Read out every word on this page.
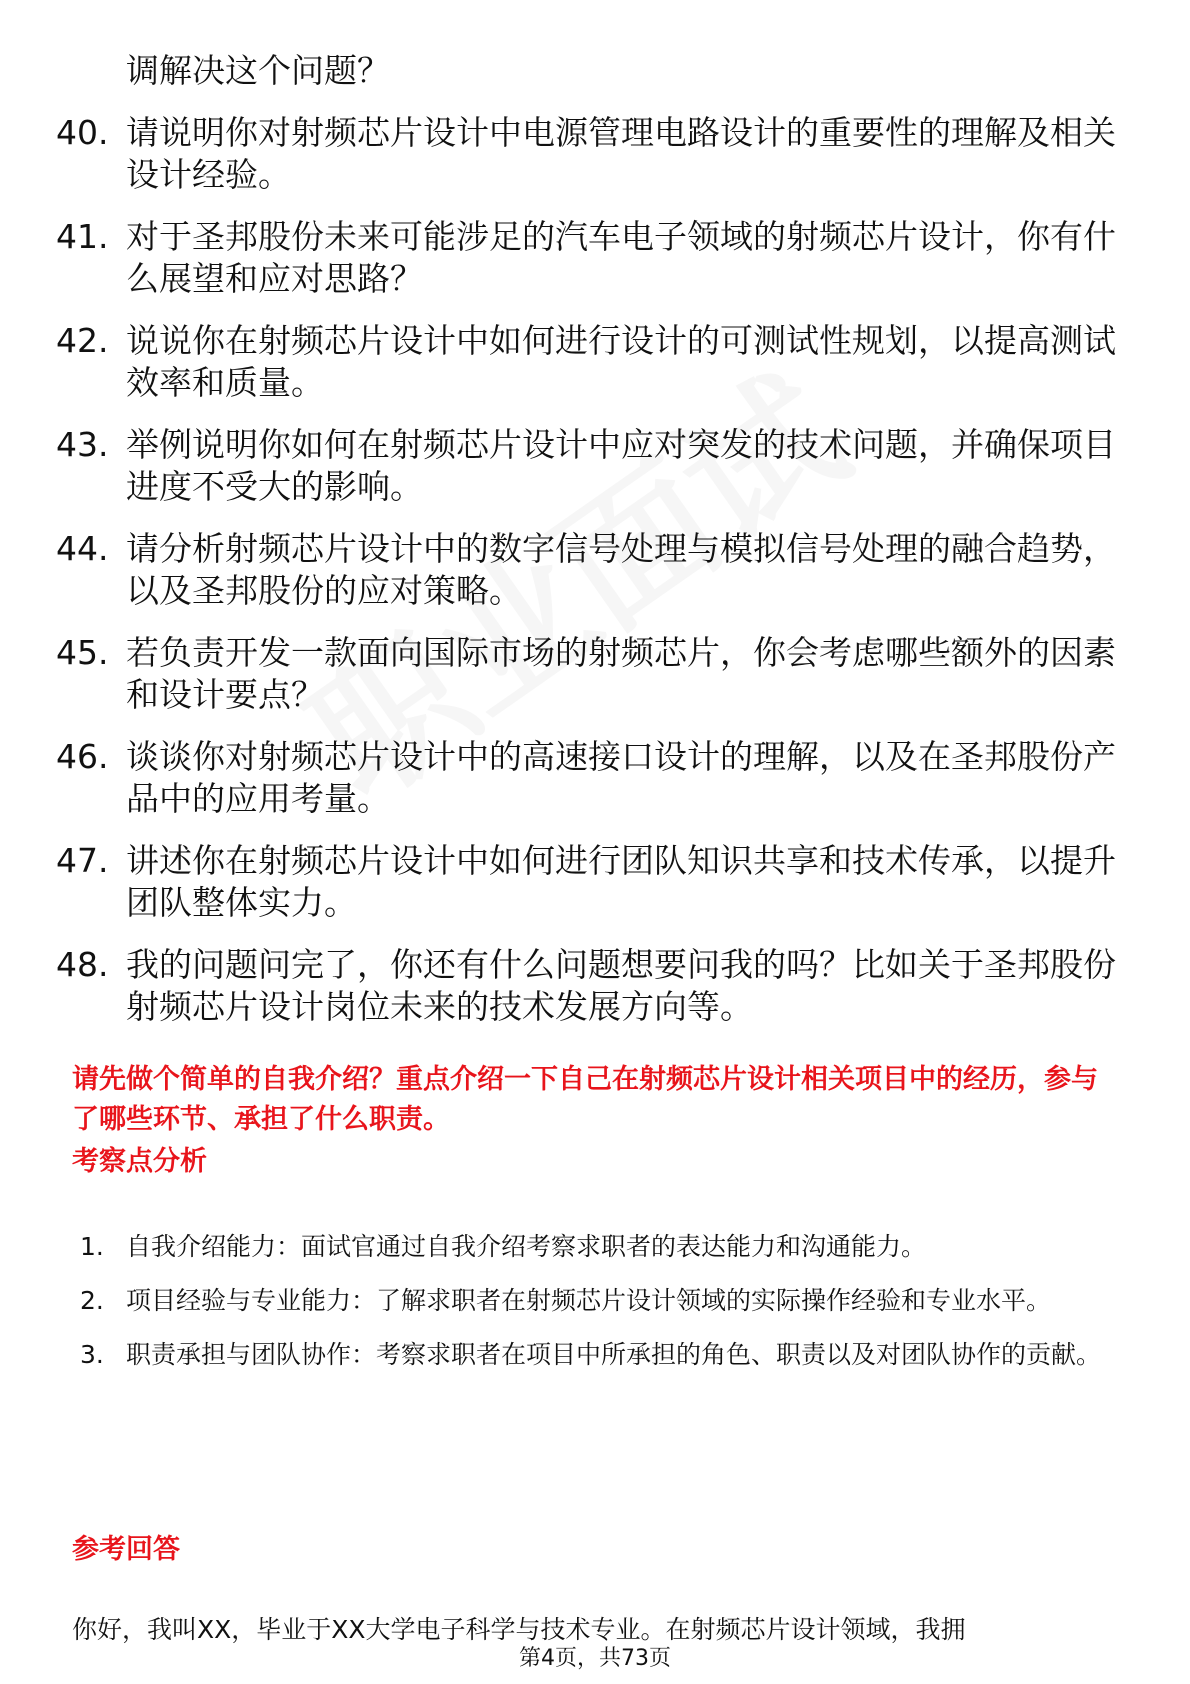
调解决这个问题？

40. 请说明你对射频芯片设计中电源管理电路设计的重要性的理解及相关设计经验。
41. 对于圣邦股份未来可能涉足的汽车电子领域的射频芯片设计，你有什么展望和应对思路？
42. 说说你在射频芯片设计中如何进行设计的可测试性规划，以提高测试效率和质量。
43. 举例说明你如何在射频芯片设计中应对突发的技术问题，并确保项目进度不受大的影响。
44. 请分析射频芯片设计中的数字信号处理与模拟信号处理的融合趋势，以及圣邦股份的应对策略。
45. 若负责开发一款面向国际市场的射频芯片，你会考虑哪些额外的因素和设计要点？
46. 谈谈你对射频芯片设计中的高速接口设计的理解，以及在圣邦股份产品中的应用考量。
47. 讲述你在射频芯片设计中如何进行团队知识共享和技术传承，以提升团队整体实力。
48. 我的问题问完了，你还有什么问题想要问我的吗？比如关于圣邦股份射频芯片设计岗位未来的技术发展方向等。

请先做个简单的自我介绍？重点介绍一下自己在射频芯片设计相关项目中的经历，参与了哪些环节、承担了什么职责。

考察点分析
1. 自我介绍能力：面试官通过自我介绍考察求职者的表达能力和沟通能力。
2. 项目经验与专业能力：了解求职者在射频芯片设计领域的实际操作经验和专业水平。
3. 职责承担与团队协作：考察求职者在项目中所承担的角色、职责以及对团队协作的贡献。
参考回答

你好，我叫XX，毕业于XX大学电子科学与技术专业。在射频芯片设计领域，我拥

第4页，共73页
